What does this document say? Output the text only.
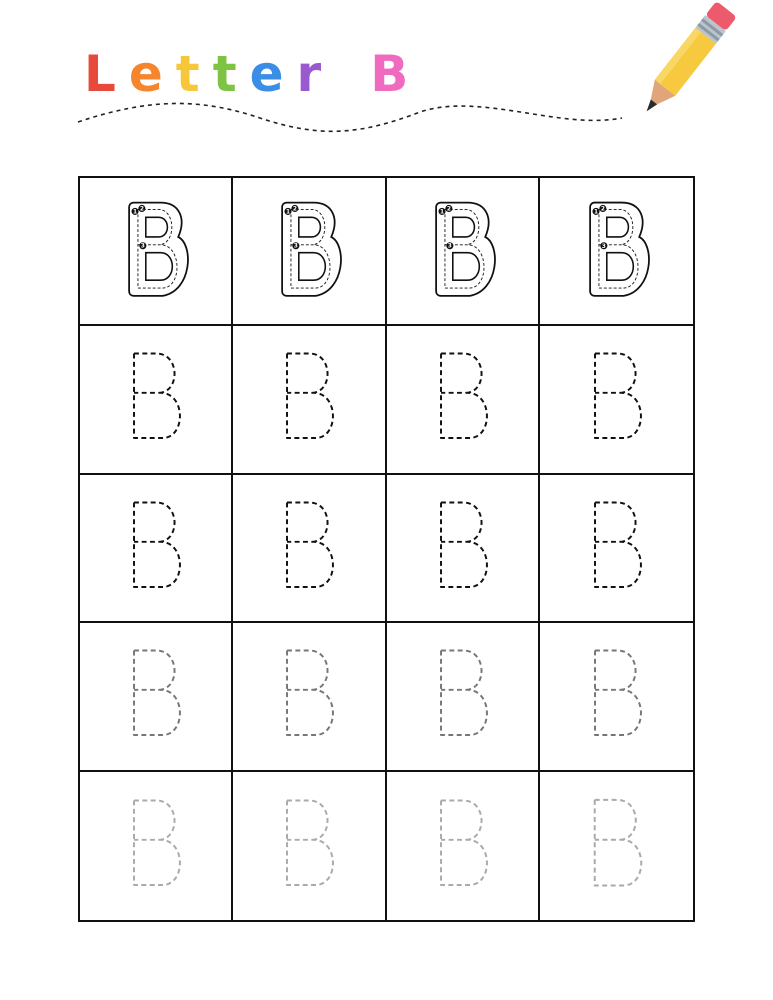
L e t t e r B
1 2
3
1 2
3
1 2
3
1 2
3
